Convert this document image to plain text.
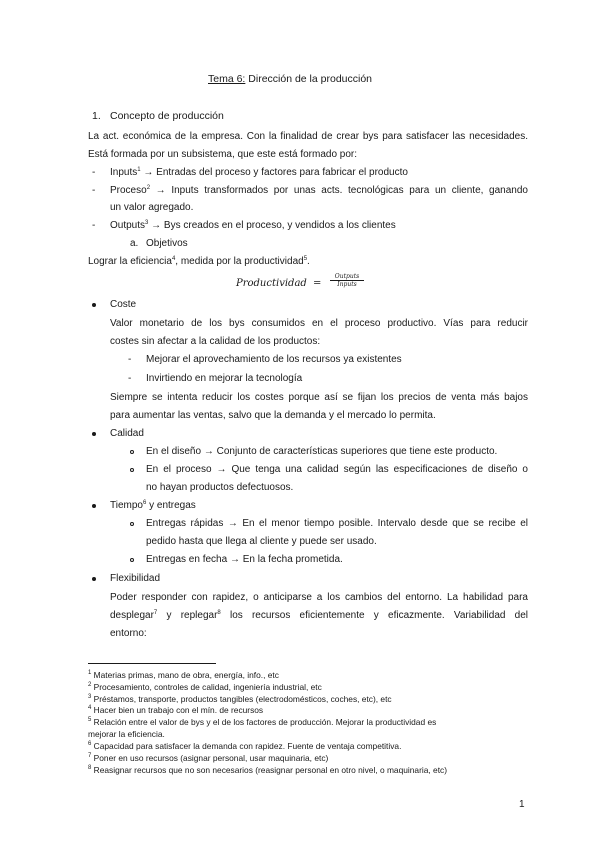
Tema 6: Dirección de la producción
1. Concepto de producción
La act. económica de la empresa. Con la finalidad de crear bys para satisfacer las necesidades.
Está formada por un subsistema, que este está formado por:
- Inputs$^1$ → Entradas del proceso y factores para fabricar el producto
- Proceso$^2$ → Inputs transformados por unas acts. tecnológicas para un cliente, ganando
un valor agregado.
- Outputs$^3$ → Bys creados en el proceso, y vendidos a los clientes
a. Objetivos
Lograr la eficiencia$^4$, medida por la productividad$^5$.
Productividad =
Outputs
Inputs
Coste
Valor monetario de los bys consumidos en el proceso productivo. Vías para reducir
costes sin afectar a la calidad de los productos:
- Mejorar el aprovechamiento de los recursos ya existentes
- Invirtiendo en mejorar la tecnología
Siempre se intenta reducir los costes porque así se fijan los precios de venta más bajos
para aumentar las ventas, salvo que la demanda y el mercado lo permita.
Calidad
En el diseño → Conjunto de características superiores que tiene este producto.
En el proceso → Que tenga una calidad según las especificaciones de diseño o
no hayan productos defectuosos.
Tiempo$^6$ y entregas
Entregas rápidas → En el menor tiempo posible. Intervalo desde que se recibe el
pedido hasta que llega al cliente y puede ser usado.
Entregas en fecha → En la fecha prometida.
Flexibilidad
Poder responder con rapidez, o anticiparse a los cambios del entorno. La habilidad para
desplegar$^7$ y replegar$^8$ los recursos eficientemente y eficazmente. Variabilidad del
entorno:
$^1$ Materias primas, mano de obra, energía, info., etc
$^2$ Procesamiento, controles de calidad, ingeniería industrial, etc
$^3$ Préstamos, transporte, productos tangibles (electrodomésticos, coches, etc), etc
$^4$ Hacer bien un trabajo con el mín. de recursos
$^5$ Relación entre el valor de bys y el de los factores de producción. Mejorar la productividad es
mejorar la eficiencia.
$^6$ Capacidad para satisfacer la demanda con rapidez. Fuente de ventaja competitiva.
$^7$ Poner en uso recursos (asignar personal, usar maquinaria, etc)
$^8$ Reasignar recursos que no son necesarios (reasignar personal en otro nivel, o maquinaria, etc)
1
